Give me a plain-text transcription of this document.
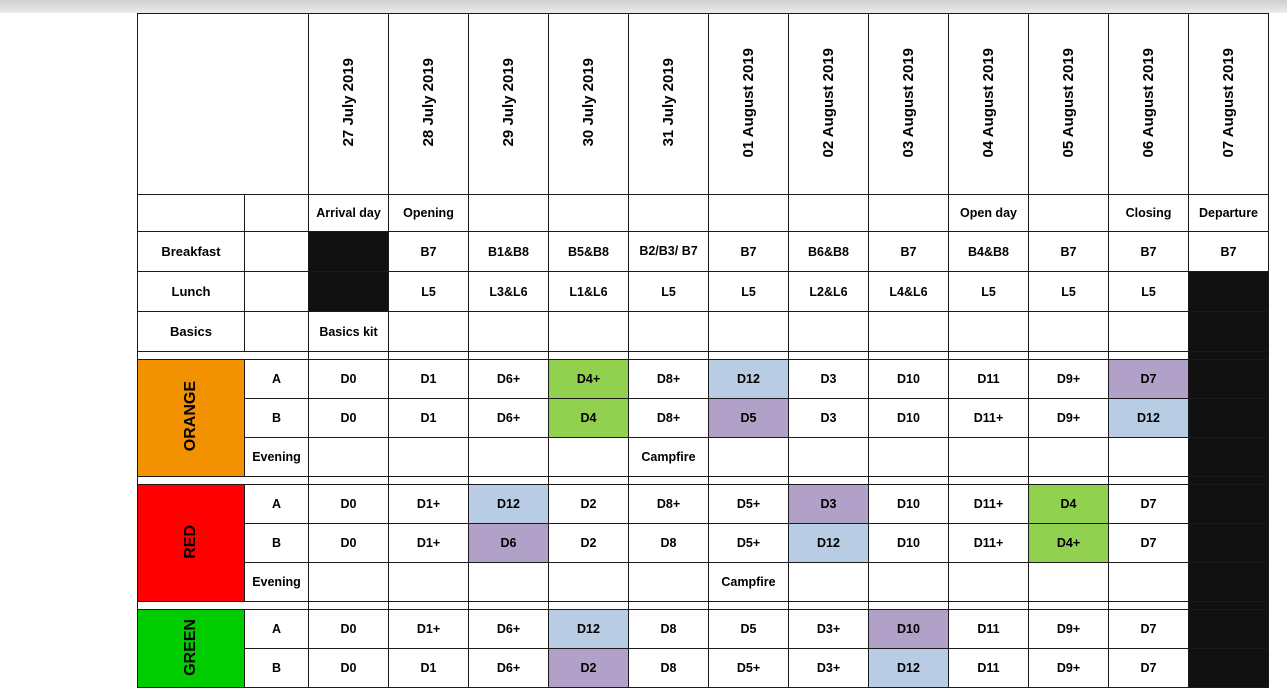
		27 July 2019	28 July 2019	29 July 2019	30 July 2019	31 July 2019	01 August 2019	02 August 2019	03 August 2019	04 August 2019	05 August 2019	06 August 2019	07 August 2019
		Arrival day	Opening							Open day		Closing	Departure
Breakfast			B7	B1&B8	B5&B8	B2/B3/ B7	B7	B6&B8	B7	B4&B8	B7	B7	B7
Lunch			L5	L3&L6	L1&L6	L5	L5	L2&L6	L4&L6	L5	L5	L5	
Basics		Basics kit											

ORANGE	A	D0	D1	D6+	D4+	D8+	D12	D3	D10	D11	D9+	D7	
	B	D0	D1	D6+	D4	D8+	D5	D3	D10	D11+	D9+	D12	
	Evening					Campfire							

RED	A	D0	D1+	D12	D2	D8+	D5+	D3	D10	D11+	D4	D7	
	B	D0	D1+	D6	D2	D8	D5+	D12	D10	D11+	D4+	D7	
	Evening						Campfire						

GREEN	A	D0	D1+	D6+	D12	D8	D5	D3+	D10	D11	D9+	D7	
	B	D0	D1	D6+	D2	D8	D5+	D3+	D12	D11	D9+	D7	
